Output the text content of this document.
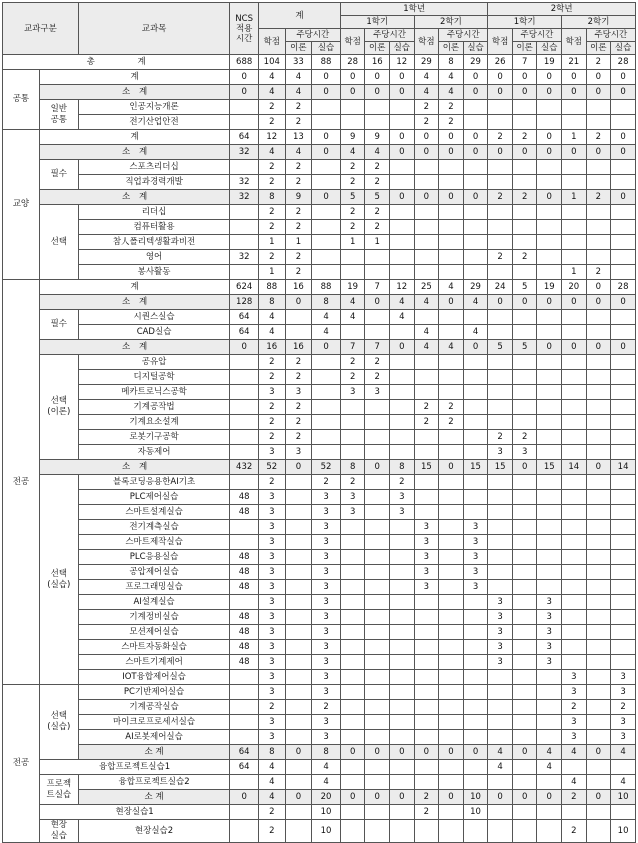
교과구분		교과목	NCS
적용
시간	계			1학년						2학년					
							1학기			2학기			1학기			2학기		
				학점	주당시간		학점	주당시간		학점	주당시간		학점	주당시간		학점	주당시간	
					이론	실습		이론	실습		이론	실습		이론	실습		이론	실습
총 계			688	104	33	88	28	16	12	29	8	29	26	7	19	21	2	28
공통	계		0	4	4	0	0	0	0	4	4	0	0	0	0	0	0	0
	소 계		0	4	4	0	0	0	0	4	4	0	0	0	0	0	0	0
	일반
공통	인공지능개론		2	2					2	2							
		전기산업안전		2	2					2	2							
교양	계		64	12	13	0	9	9	0	0	0	0	2	2	0	1	2	0
	소 계		32	4	4	0	4	4	0	0	0	0	0	0	0	0	0	0
	필수	스포츠리더십		2	2		2	2										
		직업과경력개발	32	2	2		2	2										
	소 계		32	8	9	0	5	5	0	0	0	0	2	2	0	1	2	0
	선택	리더십		2	2		2	2										
		컴퓨터활용		2	2		2	2										
		참人폴리텍생활과비전		1	1		1	1										
		영어	32	2	2								2	2				
		봉사활동		1	2											1	2	
전공	계		624	88	16	88	19	7	12	25	4	29	24	5	19	20	0	28
	소 계		128	8	0	8	4	0	4	4	0	4	0	0	0	0	0	0
	필수	시퀀스실습	64	4		4	4		4									
		CAD실습	64	4		4				4		4						
	소 계		0	16	16	0	7	7	0	4	4	0	5	5	0	0	0	0
	선택
(이론)	공유압		2	2		2	2										
		디지털공학		2	2		2	2										
		메카트로닉스공학		3	3		3	3										
		기계공작법		2	2					2	2							
		기계요소설계		2	2					2	2							
		로봇기구공학		2	2								2	2				
		자동제어		3	3								3	3				
	소 계		432	52	0	52	8	0	8	15	0	15	15	0	15	14	0	14
	선택
(실습)	블록코딩응용한AI기초		2		2	2		2									
		PLC제어실습	48	3		3	3		3									
		스마트설계실습	48	3		3	3		3									
		전기계측실습		3		3				3		3						
		스마트제작실습		3		3				3		3						
		PLC응용실습	48	3		3				3		3						
		공압제어실습	48	3		3				3		3						
		프로그래밍실습	48	3		3				3		3						
		AI설계실습		3		3							3		3			
		기계정비실습	48	3		3							3		3			
		모션제어실습	48	3		3							3		3			
		스마트자동화실습	48	3		3							3		3			
		스마트기계제어	48	3		3							3		3			
		IOT융합제어실습		3		3										3		3
전공	선택
(실습)	PC기반제어실습		3		3										3		3
		기계공작실습		2		2										2		2
		마이크로프로세서실습		3		3										3		3
		AI로봇제어실습		3		3										3		3
		소 계	64	8	0	8	0	0	0	0	0	0	4	0	4	4	0	4
	융합프로젝트실습1		64	4		4							4		4			
	프로젝
트실습	융합프로젝트실습2		4		4										4		4
		소 계	0	4	0	20	0	0	0	2	0	10	0	0	0	2	0	10
	현장실습1			2		10				2		10						
	현장
실습	현장실습2		2		10										2		10
